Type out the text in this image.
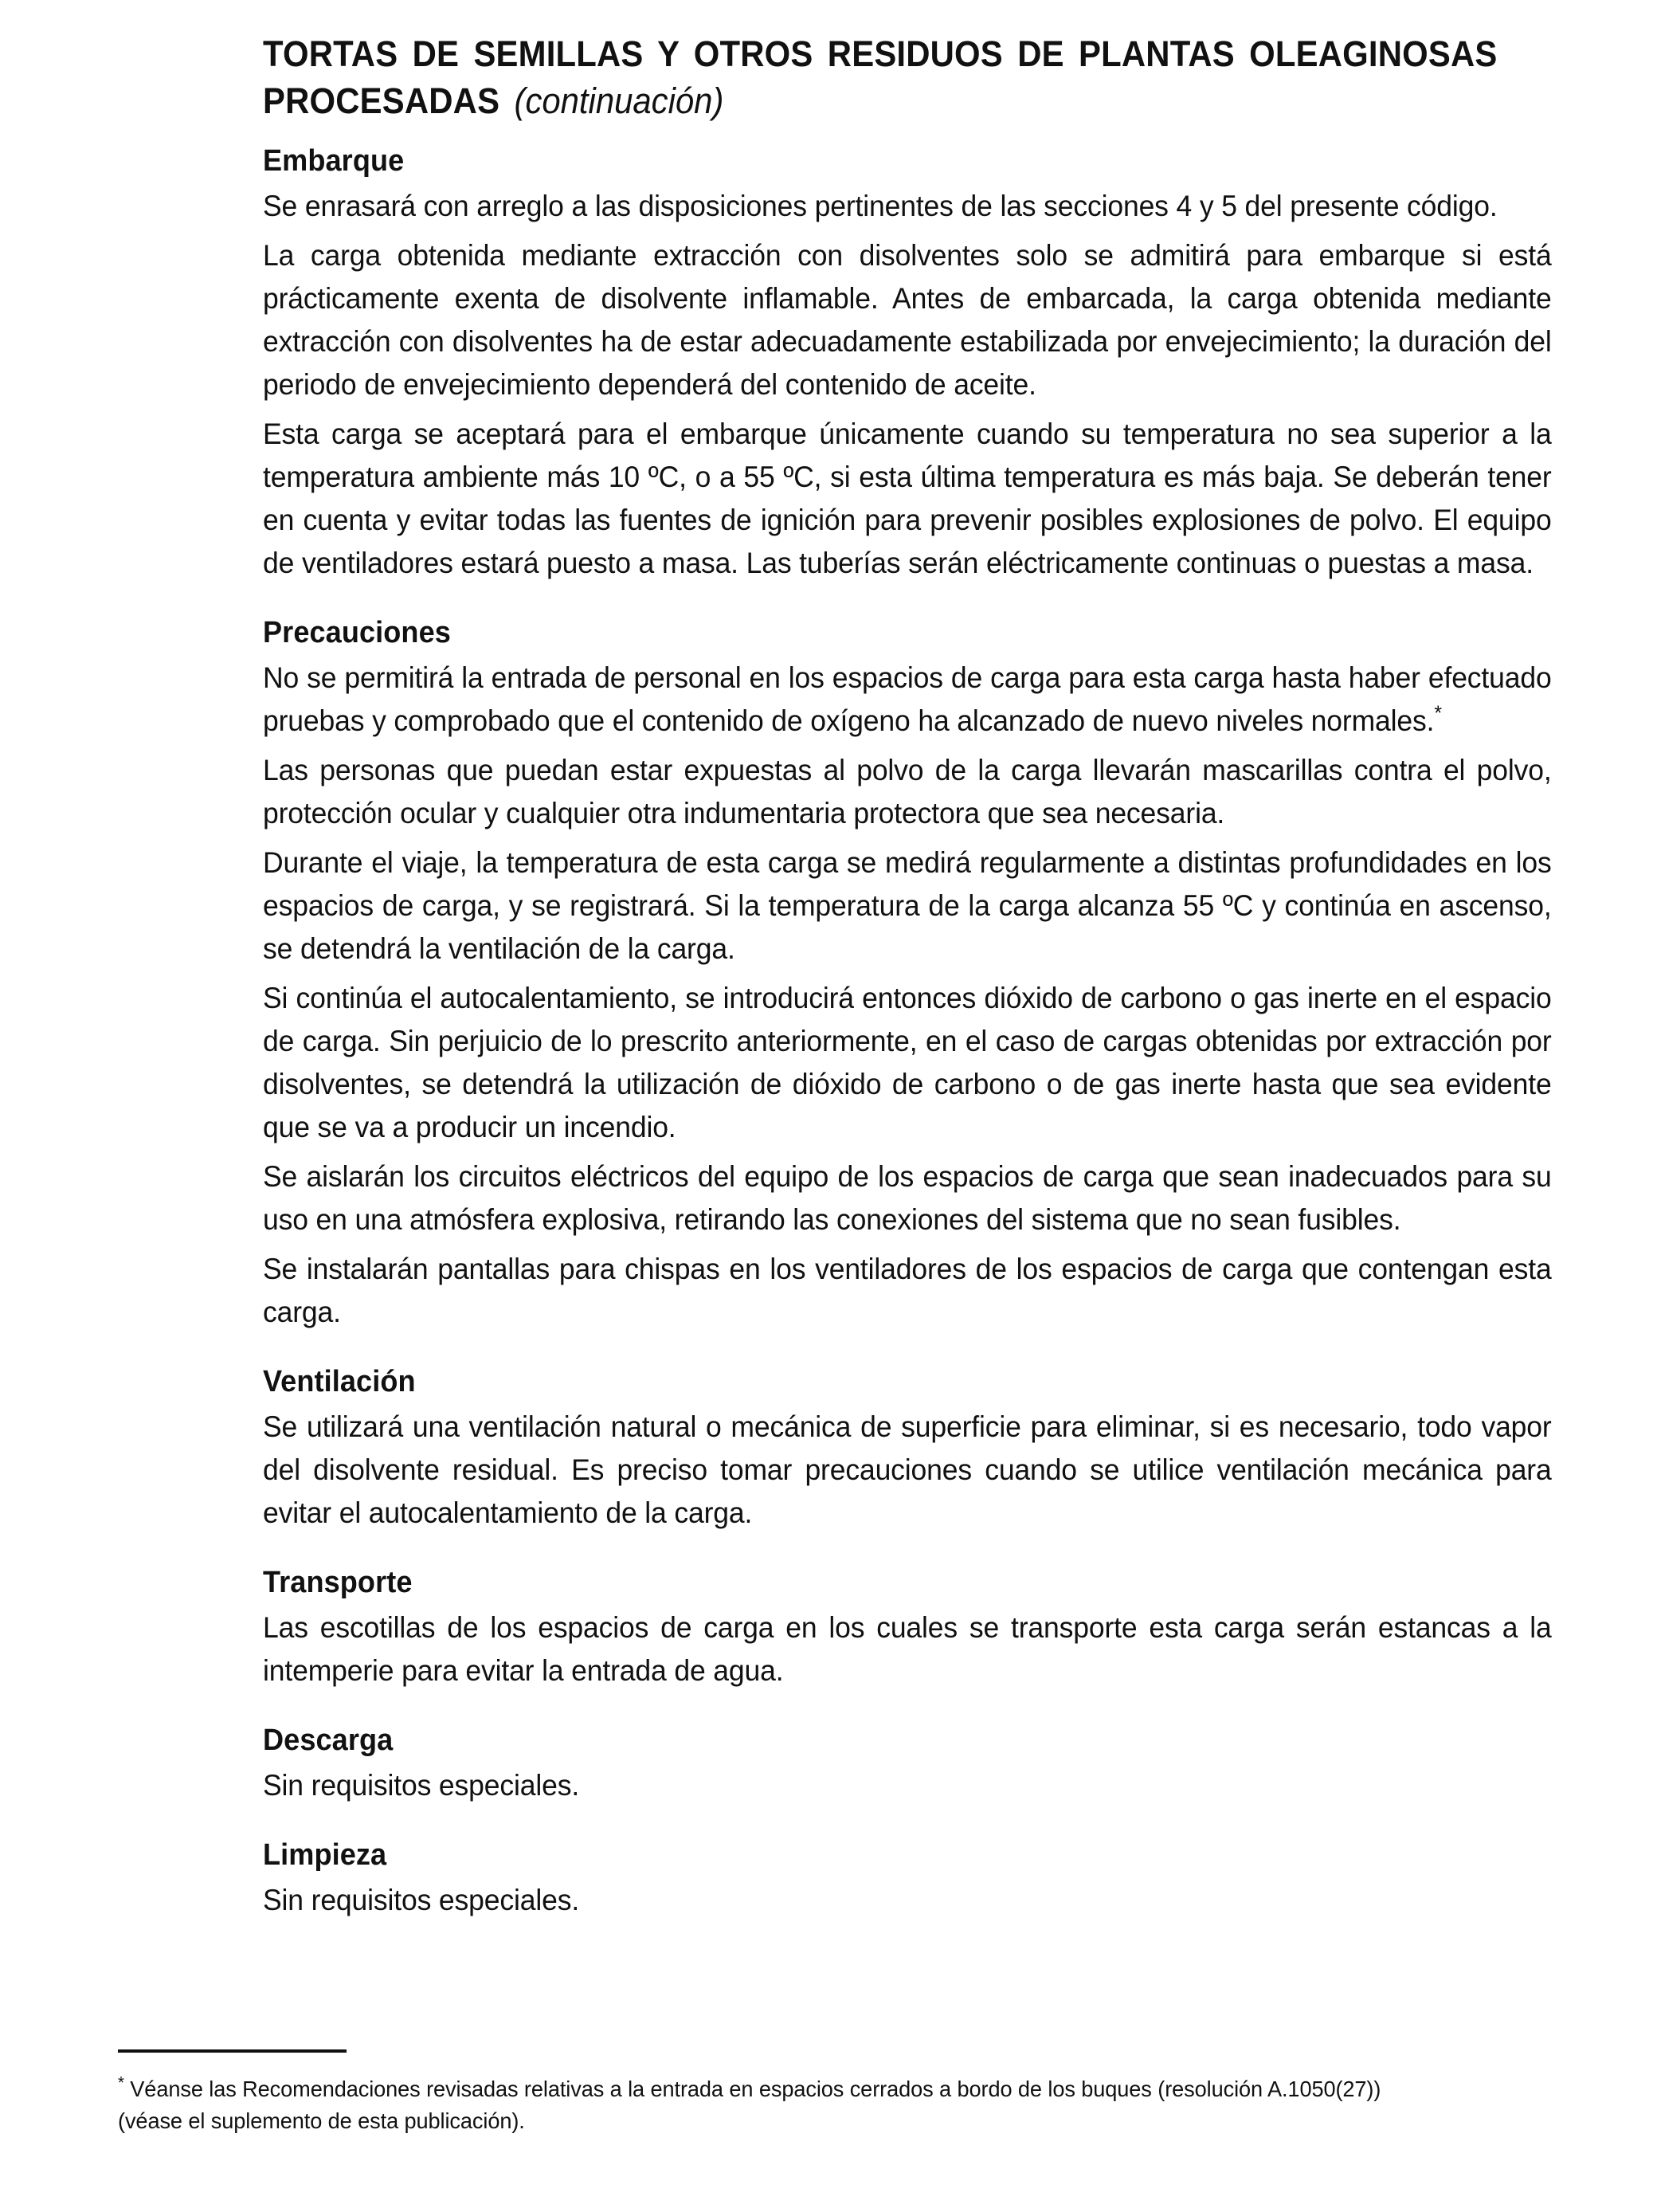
TORTAS DE SEMILLAS Y OTROS RESIDUOS DE PLANTAS OLEAGINOSAS PROCESADAS (continuación)
Embarque

Se enrasará con arreglo a las disposiciones pertinentes de las secciones 4 y 5 del presente código.

La carga obtenida mediante extracción con disolventes solo se admitirá para embarque si está prácticamente exenta de disolvente inflamable. Antes de embarcada, la carga obtenida mediante extracción con disolventes ha de estar adecuadamente estabilizada por envejecimiento; la duración del periodo de envejecimiento dependerá del contenido de aceite.

Esta carga se aceptará para el embarque únicamente cuando su temperatura no sea superior a la temperatura ambiente más 10 ºC, o a 55 ºC, si esta última temperatura es más baja. Se deberán tener en cuenta y evitar todas las fuentes de ignición para prevenir posibles explosiones de polvo. El equipo de ventiladores estará puesto a masa. Las tuberías serán eléctricamente continuas o puestas a masa.

Precauciones

No se permitirá la entrada de personal en los espacios de carga para esta carga hasta haber efectuado pruebas y comprobado que el contenido de oxígeno ha alcanzado de nuevo niveles normales.*

Las personas que puedan estar expuestas al polvo de la carga llevarán mascarillas contra el polvo, protección ocular y cualquier otra indumentaria protectora que sea necesaria.

Durante el viaje, la temperatura de esta carga se medirá regularmente a distintas profundidades en los espacios de carga, y se registrará. Si la temperatura de la carga alcanza 55 ºC y continúa en ascenso, se detendrá la ventilación de la carga.

Si continúa el autocalentamiento, se introducirá entonces dióxido de carbono o gas inerte en el espacio de carga. Sin perjuicio de lo prescrito anteriormente, en el caso de cargas obtenidas por extracción por disolventes, se detendrá la utilización de dióxido de carbono o de gas inerte hasta que sea evidente que se va a producir un incendio.

Se aislarán los circuitos eléctricos del equipo de los espacios de carga que sean inadecuados para su uso en una atmósfera explosiva, retirando las conexiones del sistema que no sean fusibles.

Se instalarán pantallas para chispas en los ventiladores de los espacios de carga que contengan esta carga.

Ventilación

Se utilizará una ventilación natural o mecánica de superficie para eliminar, si es necesario, todo vapor del disolvente residual. Es preciso tomar precauciones cuando se utilice ventilación mecánica para evitar el autocalentamiento de la carga.

Transporte

Las escotillas de los espacios de carga en los cuales se transporte esta carga serán estancas a la intemperie para evitar la entrada de agua.

Descarga

Sin requisitos especiales.

Limpieza

Sin requisitos especiales.

* Véanse las Recomendaciones revisadas relativas a la entrada en espacios cerrados a bordo de los buques (resolución A.1050(27))
(véase el suplemento de esta publicación).
